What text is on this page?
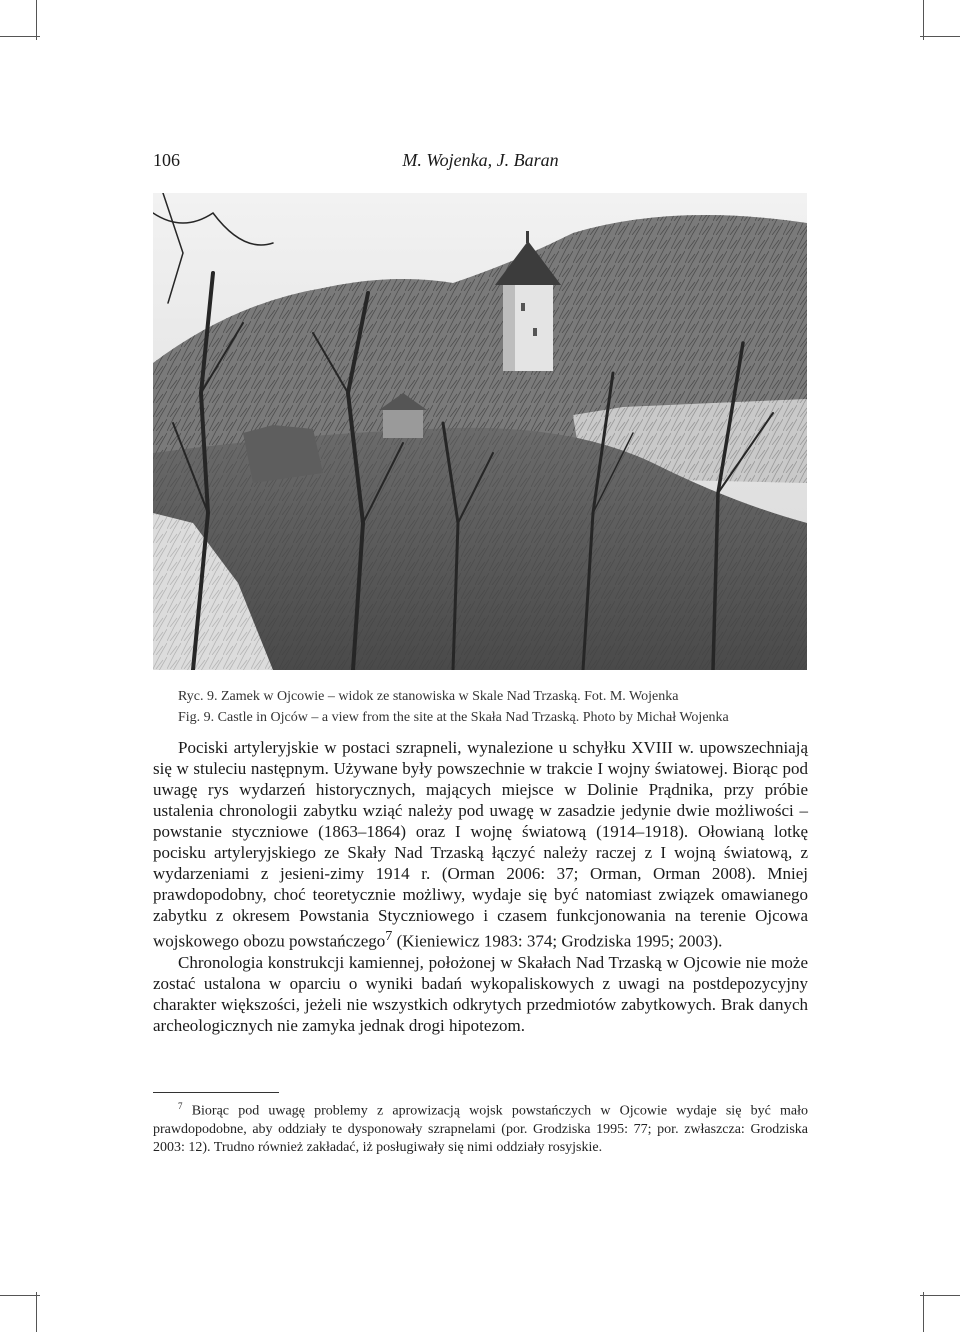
106	M. Wojenka, J. Baran
Ryc. 9. Zamek w Ojcowie – widok ze stanowiska w Skale Nad Trzaską. Fot. M. Wojenka
Fig. 9. Castle in Ojców – a view from the site at the Skała Nad Trzaską. Photo by Michał Wojenka

Pociski artyleryjskie w postaci szrapneli, wynalezione u schyłku XVIII w. upowszechniają się w stuleciu następnym. Używane były powszechnie w trakcie I wojny światowej. Biorąc pod uwagę rys wydarzeń historycznych, mających miejsce w Dolinie Prądnika, przy próbie ustalenia chronologii zabytku wziąć należy pod uwagę w zasadzie jedynie dwie możliwości – powstanie styczniowe (1863–1864) oraz I wojnę światową (1914–1918). Ołowianą lotkę pocisku artyleryjskiego ze Skały Nad Trzaską łączyć należy raczej z I wojną światową, z wydarzeniami z jesieni-zimy 1914 r. (Orman 2006: 37; Orman, Orman 2008). Mniej prawdopodobny, choć teoretycznie możliwy, wydaje się być natomiast związek omawianego zabytku z okresem Powstania Styczniowego i czasem funkcjonowania na terenie Ojcowa wojskowego obozu powstańczego$^7$ (Kieniewicz 1983: 374; Grodziska 1995; 2003).

Chronologia konstrukcji kamiennej, położonej w Skałach Nad Trzaską w Ojcowie nie może zostać ustalona w oparciu o wyniki badań wykopaliskowych z uwagi na postdepozycyjny charakter większości, jeżeli nie wszystkich odkrytych przedmiotów zabytkowych. Brak danych archeologicznych nie zamyka jednak drogi hipotezom.

$^7$ Biorąc pod uwagę problemy z aprowizacją wojsk powstańczych w Ojcowie wydaje się być mało prawdopodobne, aby oddziały te dysponowały szrapnelami (por. Grodziska 1995: 77; por. zwłaszcza: Grodziska 2003: 12). Trudno również zakładać, iż posługiwały się nimi oddziały rosyjskie.
